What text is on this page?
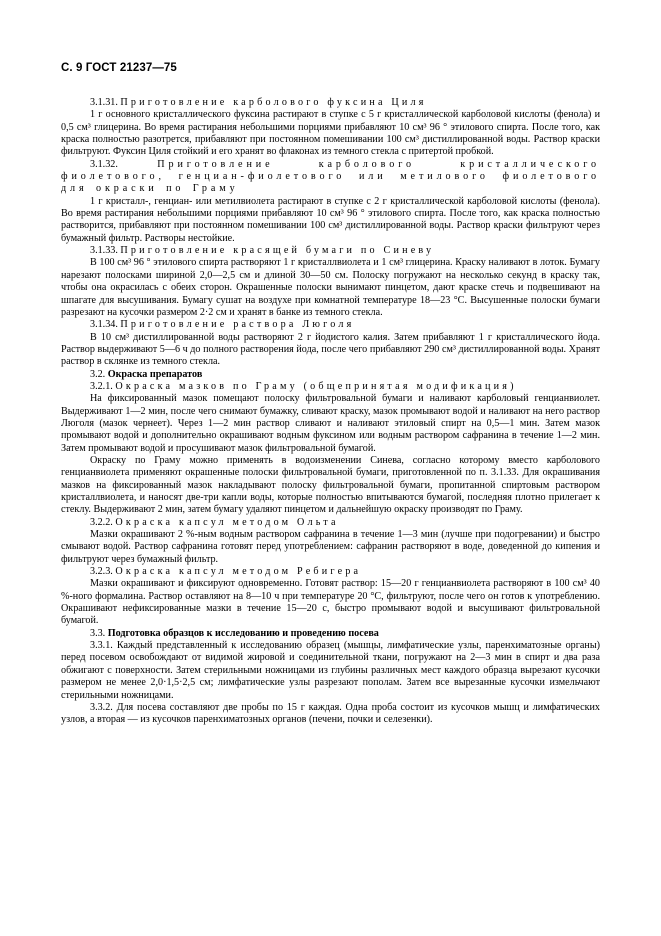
С. 9 ГОСТ 21237—75

3.1.31. Приготовление карболового фуксина Циля

1 г основного кристаллического фуксина растирают в ступке с 5 г кристаллической карболовой кислоты (фенола) и 0,5 см³ глицерина. Во время растирания небольшими порциями прибавляют 10 см³ 96 ° этилового спирта. После того, как краска полностью разотрется, прибавляют при постоянном помешивании 100 см³ дистиллированной воды. Раствор краски фильтруют. Фуксин Циля стойкий и его хранят во флаконах из темного стекла с притертой пробкой.

3.1.32.	Приготовление карболового кристаллического фиолетового, генциан-фиолетового или метилового фиолетового для окраски по Граму

1 г кристалл-, генциан- или метилвиолета растирают в ступке с 2 г кристаллической карболовой кислоты (фенола). Во время растирания небольшими порциями прибавляют 10 см³ 96 ° этилового спирта. После того, как краска полностью растворится, прибавляют при постоянном помешивании 100 см³ дистиллированной воды. Раствор краски фильтруют через бумажный фильтр. Растворы нестойкие.

3.1.33. Приготовление красящей бумаги по Синеву

В 100 см³ 96 ° этилового спирта растворяют 1 г кристаллвиолета и 1 см³ глицерина. Краску наливают в лоток. Бумагу нарезают полосками шириной 2,0—2,5 см и длиной 30—50 см. Полоску погружают на несколько секунд в краску так, чтобы она окрасилась с обеих сторон. Окрашенные полоски вынимают пинцетом, дают краске стечь и подвешивают на шпагате для высушивания. Бумагу сушат на воздухе при комнатной температуре 18—23 °С. Высушенные полоски бумаги разрезают на кусочки размером 2·2 см и хранят в банке из темного стекла.

3.1.34. Приготовление раствора Люголя

В 10 см³ дистиллированной воды растворяют 2 г йодистого калия. Затем прибавляют 1 г кристаллического йода. Раствор выдерживают 5—6 ч до полного растворения йода, после чего прибавляют 290 см³ дистиллированной воды. Хранят раствор в склянке из темного стекла.

3.2. Окраска препаратов

3.2.1. Окраска мазков по Граму (общепринятая модификация)

На фиксированный мазок помещают полоску фильтровальной бумаги и наливают карболовый генцианвиолет. Выдерживают 1—2 мин, после чего снимают бумажку, сливают краску, мазок промывают водой и наливают на него раствор Люголя (мазок чернеет). Через 1—2 мин раствор сливают и наливают этиловый спирт на 0,5—1 мин. Затем мазок промывают водой и дополнительно окрашивают водным фуксином или водным раствором сафранина в течение 1—2 мин. Затем промывают водой и просушивают мазок фильтровальной бумагой.

Окраску по Граму можно применять в водоизменении Синева, согласно которому вместо карболового генцианвиолета применяют окрашенные полоски фильтровальной бумаги, приготовленной по п. 3.1.33. Для окрашивания мазков на фиксированный мазок накладывают полоску фильтровальной бумаги, пропитанной спиртовым раствором кристаллвиолета, и наносят две-три капли воды, которые полностью впитываются бумагой, последняя плотно прилегает к стеклу. Выдерживают 2 мин, затем бумагу удаляют пинцетом и дальнейшую окраску производят по Граму.

3.2.2. Окраска капсул методом Ольта

Мазки окрашивают 2 %-ным водным раствором сафранина в течение 1—3 мин (лучше при подогревании) и быстро смывают водой. Раствор сафранина готовят перед употреблением: сафранин растворяют в воде, доведенной до кипения и фильтруют через бумажный фильтр.

3.2.3. Окраска капсул методом Ребигера

Мазки окрашивают и фиксируют одновременно. Готовят раствор: 15—20 г генцианвиолета растворяют в 100 см³ 40 %-ного формалина. Раствор оставляют на 8—10 ч при температуре 20 °С, фильтруют, после чего он готов к употреблению. Окрашивают нефиксированные мазки в течение 15—20 с, быстро промывают водой и высушивают фильтровальной бумагой.

3.3. Подготовка образцов к исследованию и проведению посева

3.3.1. Каждый представленный к исследованию образец (мышцы, лимфатические узлы, паренхиматозные органы) перед посевом освобождают от видимой жировой и соединительной ткани, погружают на 2—3 мин в спирт и два раза обжигают с поверхности. Затем стерильными ножницами из глубины различных мест каждого образца вырезают кусочки размером не менее 2,0·1,5·2,5 см; лимфатические узлы разрезают пополам. Затем все вырезанные кусочки измельчают стерильными ножницами.

3.3.2. Для посева составляют две пробы по 15 г каждая. Одна проба состоит из кусочков мышц и лимфатических узлов, а вторая — из кусочков паренхиматозных органов (печени, почки и селезенки).
